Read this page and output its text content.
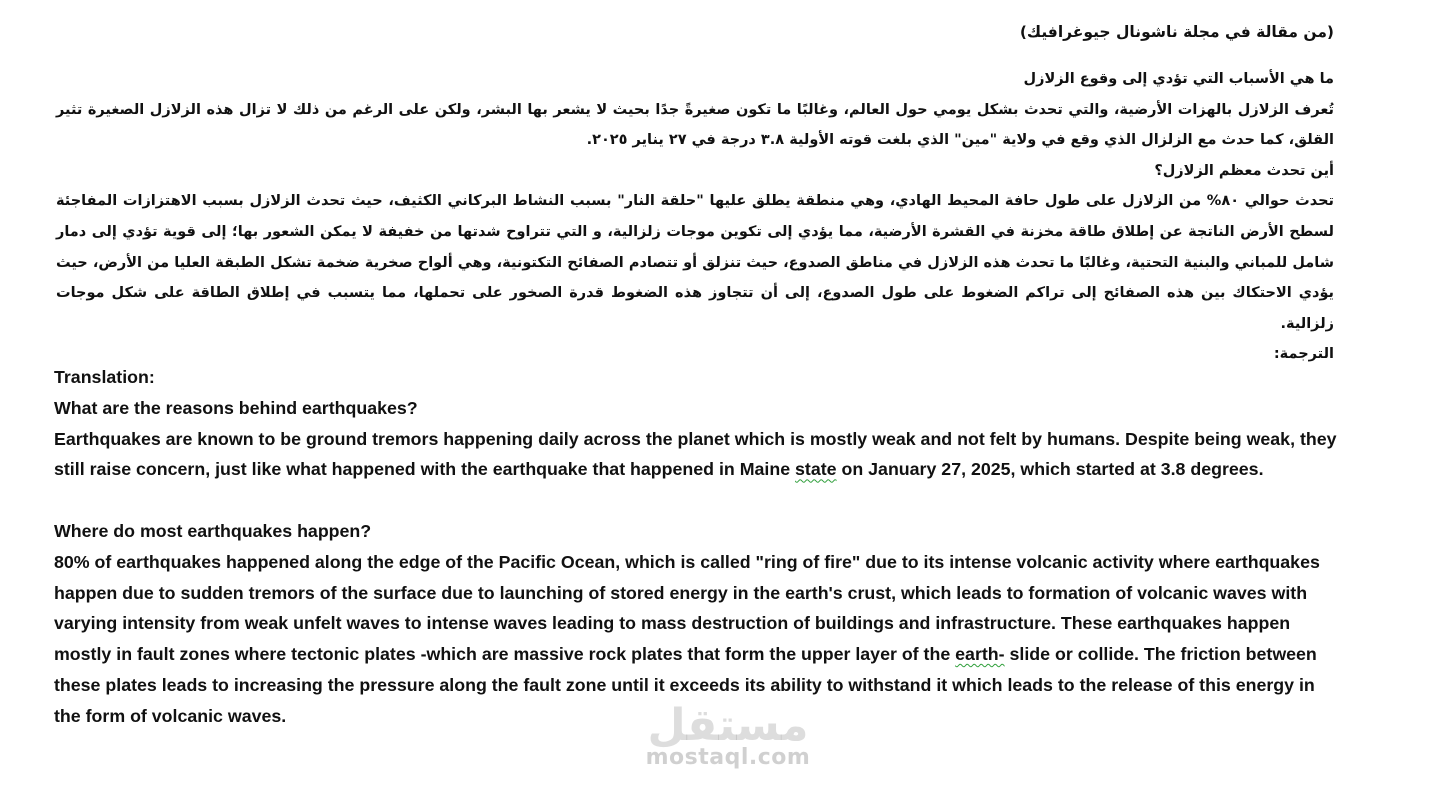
(من مقالة في مجلة ناشونال جيوغرافيك)

ما هي الأسباب التي تؤدي إلى وقوع الزلازل

تُعرف الزلازل بالهزات الأرضية، والتي تحدث بشكل يومي حول العالم، وغالبًا ما تكون صغيرةً جدًا بحيث لا يشعر بها البشر، ولكن على الرغم من ذلك لا تزال هذه الزلازل الصغيرة تثير القلق، كما حدث مع الزلزال الذي وقع في ولاية "مين" الذي بلغت قوته الأولية ٣.٨ درجة في ٢٧ يناير ٢٠٢٥.

أين تحدث معظم الزلازل؟

تحدث حوالي ٨٠% من الزلازل على طول حافة المحيط الهادي، وهي منطقة يطلق عليها "حلقة النار" بسبب النشاط البركاني الكثيف، حيث تحدث الزلازل بسبب الاهتزازات المفاجئة لسطح الأرض الناتجة عن إطلاق طاقة مخزنة في القشرة الأرضية، مما يؤدي إلى تكوين موجات زلزالية، و التي تتراوح شدتها من خفيفة لا يمكن الشعور بها؛ إلى قوية تؤدي إلى دمار شامل للمباني والبنية التحتية، وغالبًا ما تحدث هذه الزلازل في مناطق الصدوع، حيث تنزلق أو تتصادم الصفائح التكتونية، وهي ألواح صخرية ضخمة تشكل الطبقة العليا من الأرض، حيث يؤدي الاحتكاك بين هذه الصفائح إلى تراكم الضغوط على طول الصدوع، إلى أن تتجاوز هذه الضغوط قدرة الصخور على تحملها، مما يتسبب في إطلاق الطاقة على شكل موجات زلزالية.

الترجمة:

Translation:

What are the reasons behind earthquakes?

Earthquakes are known to be ground tremors happening daily across the planet which is mostly weak and not felt by humans. Despite being weak, they still raise concern, just like what happened with the earthquake that happened in Maine state on January 27, 2025, which started at 3.8 degrees.

Where do most earthquakes happen?

80% of earthquakes happened along the edge of the Pacific Ocean, which is called "ring of fire" due to its intense volcanic activity where earthquakes happen due to sudden tremors of the surface due to launching of stored energy in the earth's crust, which leads to formation of volcanic waves with varying intensity from weak unfelt waves to intense waves leading to mass destruction of buildings and infrastructure. These earthquakes happen mostly in fault zones where tectonic plates -which are massive rock plates that form the upper layer of the earth- slide or collide. The friction between these plates leads to increasing the pressure along the fault zone until it exceeds its ability to withstand it which leads to the release of this energy in the form of volcanic waves.	مستقل
mostaql.com
